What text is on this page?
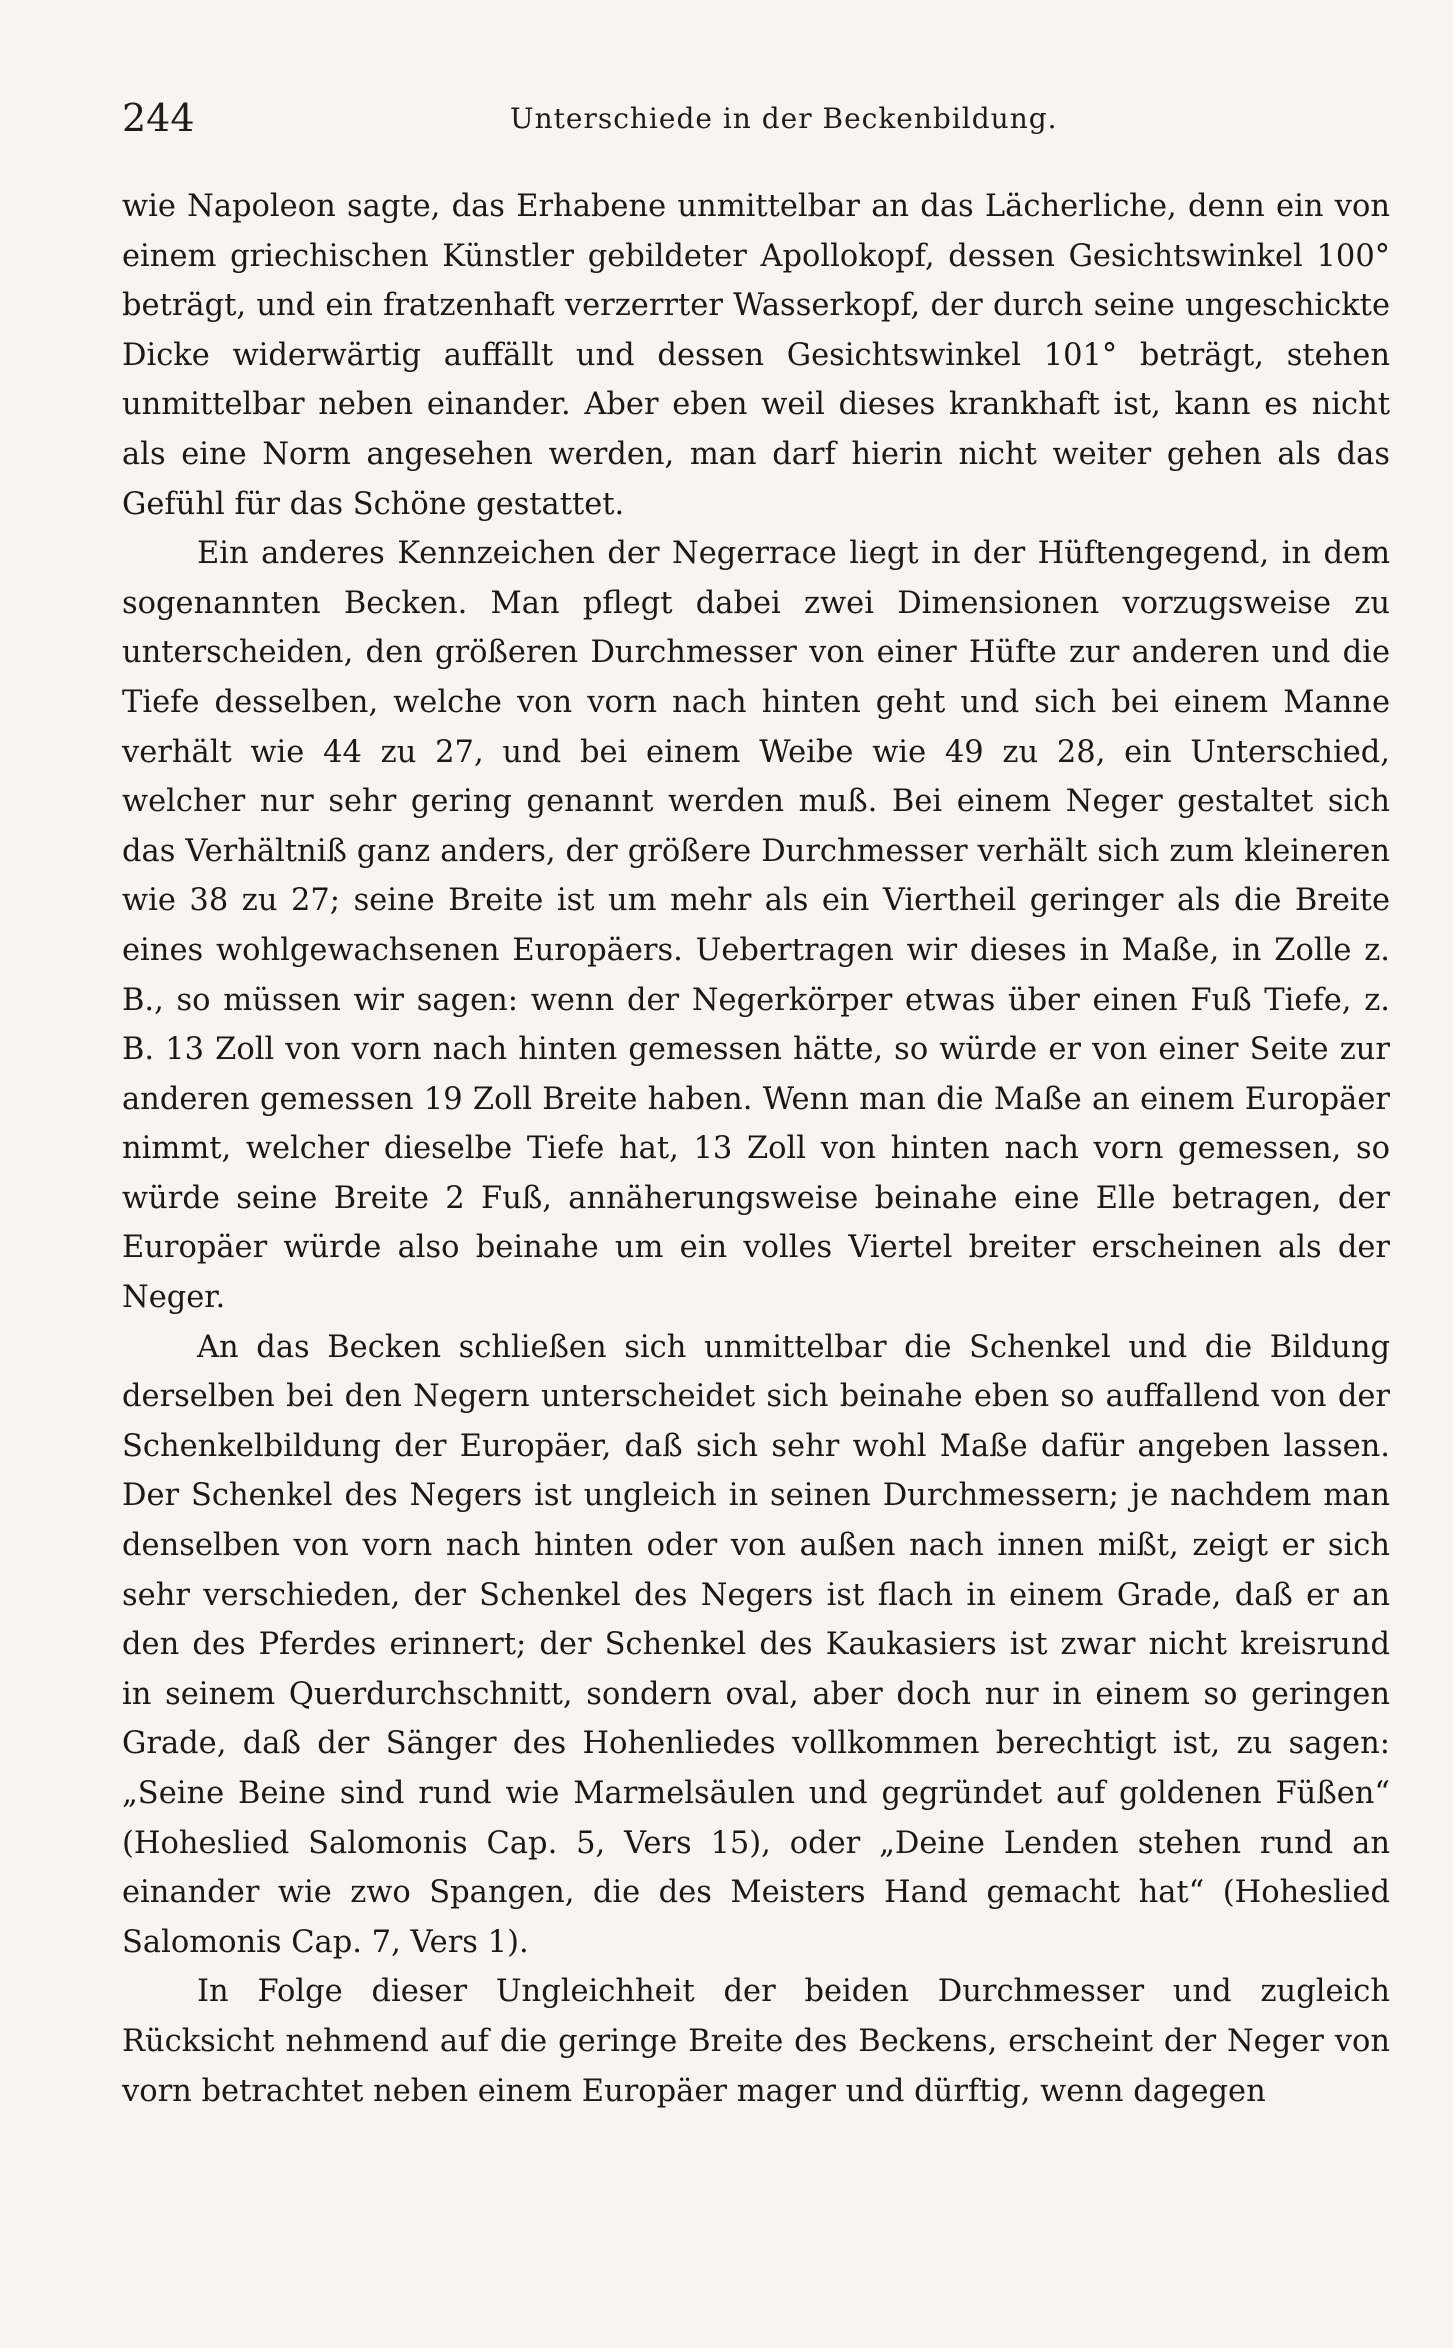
244	Unterschiede in der Beckenbildung.

wie Napoleon sagte, das Erhabene unmittelbar an das Lächerliche, denn ein von einem griechischen Künstler gebildeter Apollokopf, dessen Gesichtswinkel 100° beträgt, und ein fratzenhaft verzerrter Wasserkopf, der durch seine ungeschickte Dicke widerwärtig auffällt und dessen Gesichtswinkel 101° beträgt, stehen unmittelbar neben einander. Aber eben weil dieses krankhaft ist, kann es nicht als eine Norm angesehen werden, man darf hierin nicht weiter gehen als das Gefühl für das Schöne gestattet.

Ein anderes Kennzeichen der Negerrace liegt in der Hüftengegend, in dem sogenannten Becken. Man pflegt dabei zwei Dimensionen vorzugsweise zu unterscheiden, den größeren Durchmesser von einer Hüfte zur anderen und die Tiefe desselben, welche von vorn nach hinten geht und sich bei einem Manne verhält wie 44 zu 27, und bei einem Weibe wie 49 zu 28, ein Unterschied, welcher nur sehr gering genannt werden muß. Bei einem Neger gestaltet sich das Verhältniß ganz anders, der größere Durchmesser verhält sich zum kleineren wie 38 zu 27; seine Breite ist um mehr als ein Viertheil geringer als die Breite eines wohlgewachsenen Europäers. Uebertragen wir dieses in Maße, in Zolle z. B., so müssen wir sagen: wenn der Negerkörper etwas über einen Fuß Tiefe, z. B. 13 Zoll von vorn nach hinten gemessen hätte, so würde er von einer Seite zur anderen gemessen 19 Zoll Breite haben. Wenn man die Maße an einem Europäer nimmt, welcher dieselbe Tiefe hat, 13 Zoll von hinten nach vorn gemessen, so würde seine Breite 2 Fuß, annäherungsweise beinahe eine Elle betragen, der Europäer würde also beinahe um ein volles Viertel breiter erscheinen als der Neger.

An das Becken schließen sich unmittelbar die Schenkel und die Bildung derselben bei den Negern unterscheidet sich beinahe eben so auffallend von der Schenkelbildung der Europäer, daß sich sehr wohl Maße dafür angeben lassen. Der Schenkel des Negers ist ungleich in seinen Durchmessern; je nachdem man denselben von vorn nach hinten oder von außen nach innen mißt, zeigt er sich sehr verschieden, der Schenkel des Negers ist flach in einem Grade, daß er an den des Pferdes erinnert; der Schenkel des Kaukasiers ist zwar nicht kreisrund in seinem Querdurchschnitt, sondern oval, aber doch nur in einem so geringen Grade, daß der Sänger des Hohenliedes vollkommen berechtigt ist, zu sagen: „Seine Beine sind rund wie Marmelsäulen und gegründet auf goldenen Füßen“ (Hoheslied Salomonis Cap. 5, Vers 15), oder „Deine Lenden stehen rund an einander wie zwo Spangen, die des Meisters Hand gemacht hat“ (Hoheslied Salomonis Cap. 7, Vers 1).

In Folge dieser Ungleichheit der beiden Durchmesser und zugleich Rücksicht nehmend auf die geringe Breite des Beckens, erscheint der Neger von vorn betrachtet neben einem Europäer mager und dürftig, wenn dagegen
